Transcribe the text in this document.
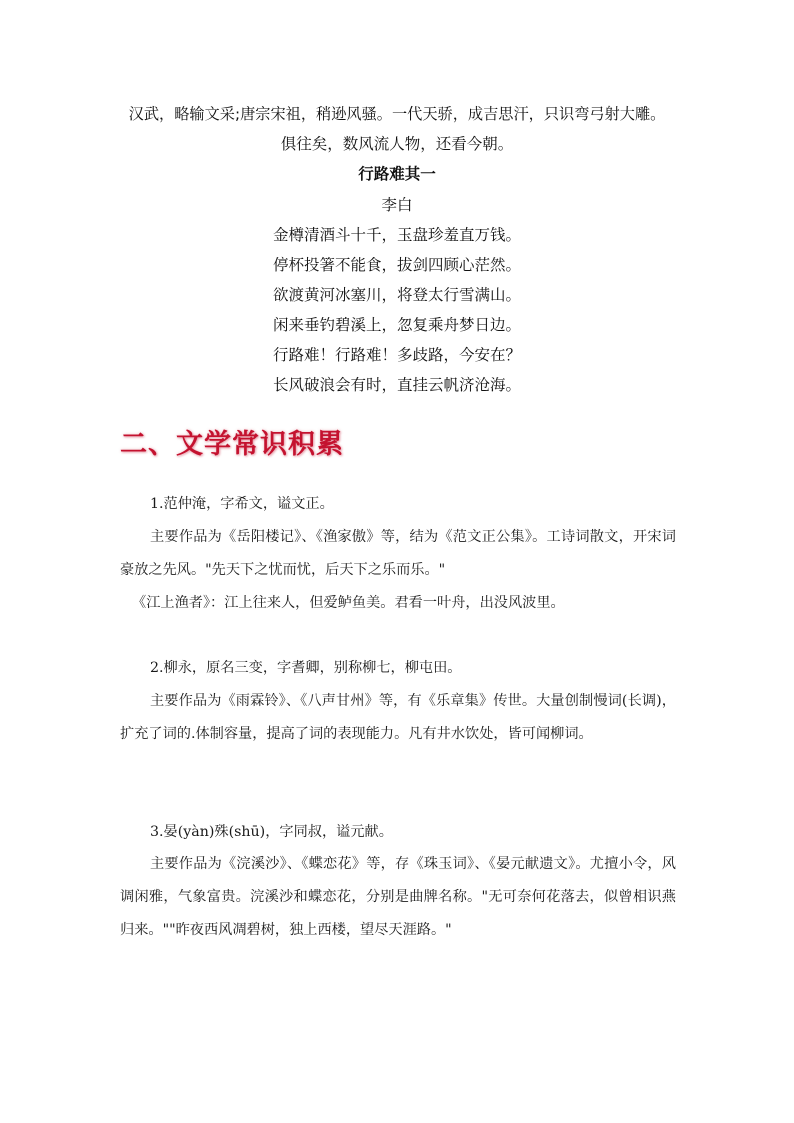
汉武，略输文采;唐宗宋祖，稍逊风骚。一代天骄，成吉思汗，只识弯弓射大雕。
俱往矣，数风流人物，还看今朝。
行路难其一
李白
金樽清酒斗十千，玉盘珍羞直万钱。
停杯投箸不能食，拔剑四顾心茫然。
欲渡黄河冰塞川，将登太行雪满山。
闲来垂钓碧溪上，忽复乘舟梦日边。
行路难！行路难！多歧路，今安在？
长风破浪会有时，直挂云帆济沧海。
二、文学常识积累
1.范仲淹，字希文，谥文正。

主要作品为《岳阳楼记》、《渔家傲》等，结为《范文正公集》。工诗词散文，开宋词豪放之先风。"先天下之忧而忧，后天下之乐而乐。"

《江上渔者》：江上往来人，但爱鲈鱼美。君看一叶舟，出没风波里。
2.柳永，原名三变，字耆卿，别称柳七，柳屯田。

主要作品为《雨霖铃》、《八声甘州》等，有《乐章集》传世。大量创制慢词(长调)，扩充了词的.体制容量，提高了词的表现能力。凡有井水饮处，皆可闻柳词。

3.晏(yàn)殊(shū)，字同叔，谥元献。

主要作品为《浣溪沙》、《蝶恋花》等，存《珠玉词》、《晏元献遗文》。尤擅小令，风调闲雅，气象富贵。浣溪沙和蝶恋花，分别是曲牌名称。"无可奈何花落去，似曾相识燕归来。""昨夜西风凋碧树，独上西楼，望尽天涯路。"
